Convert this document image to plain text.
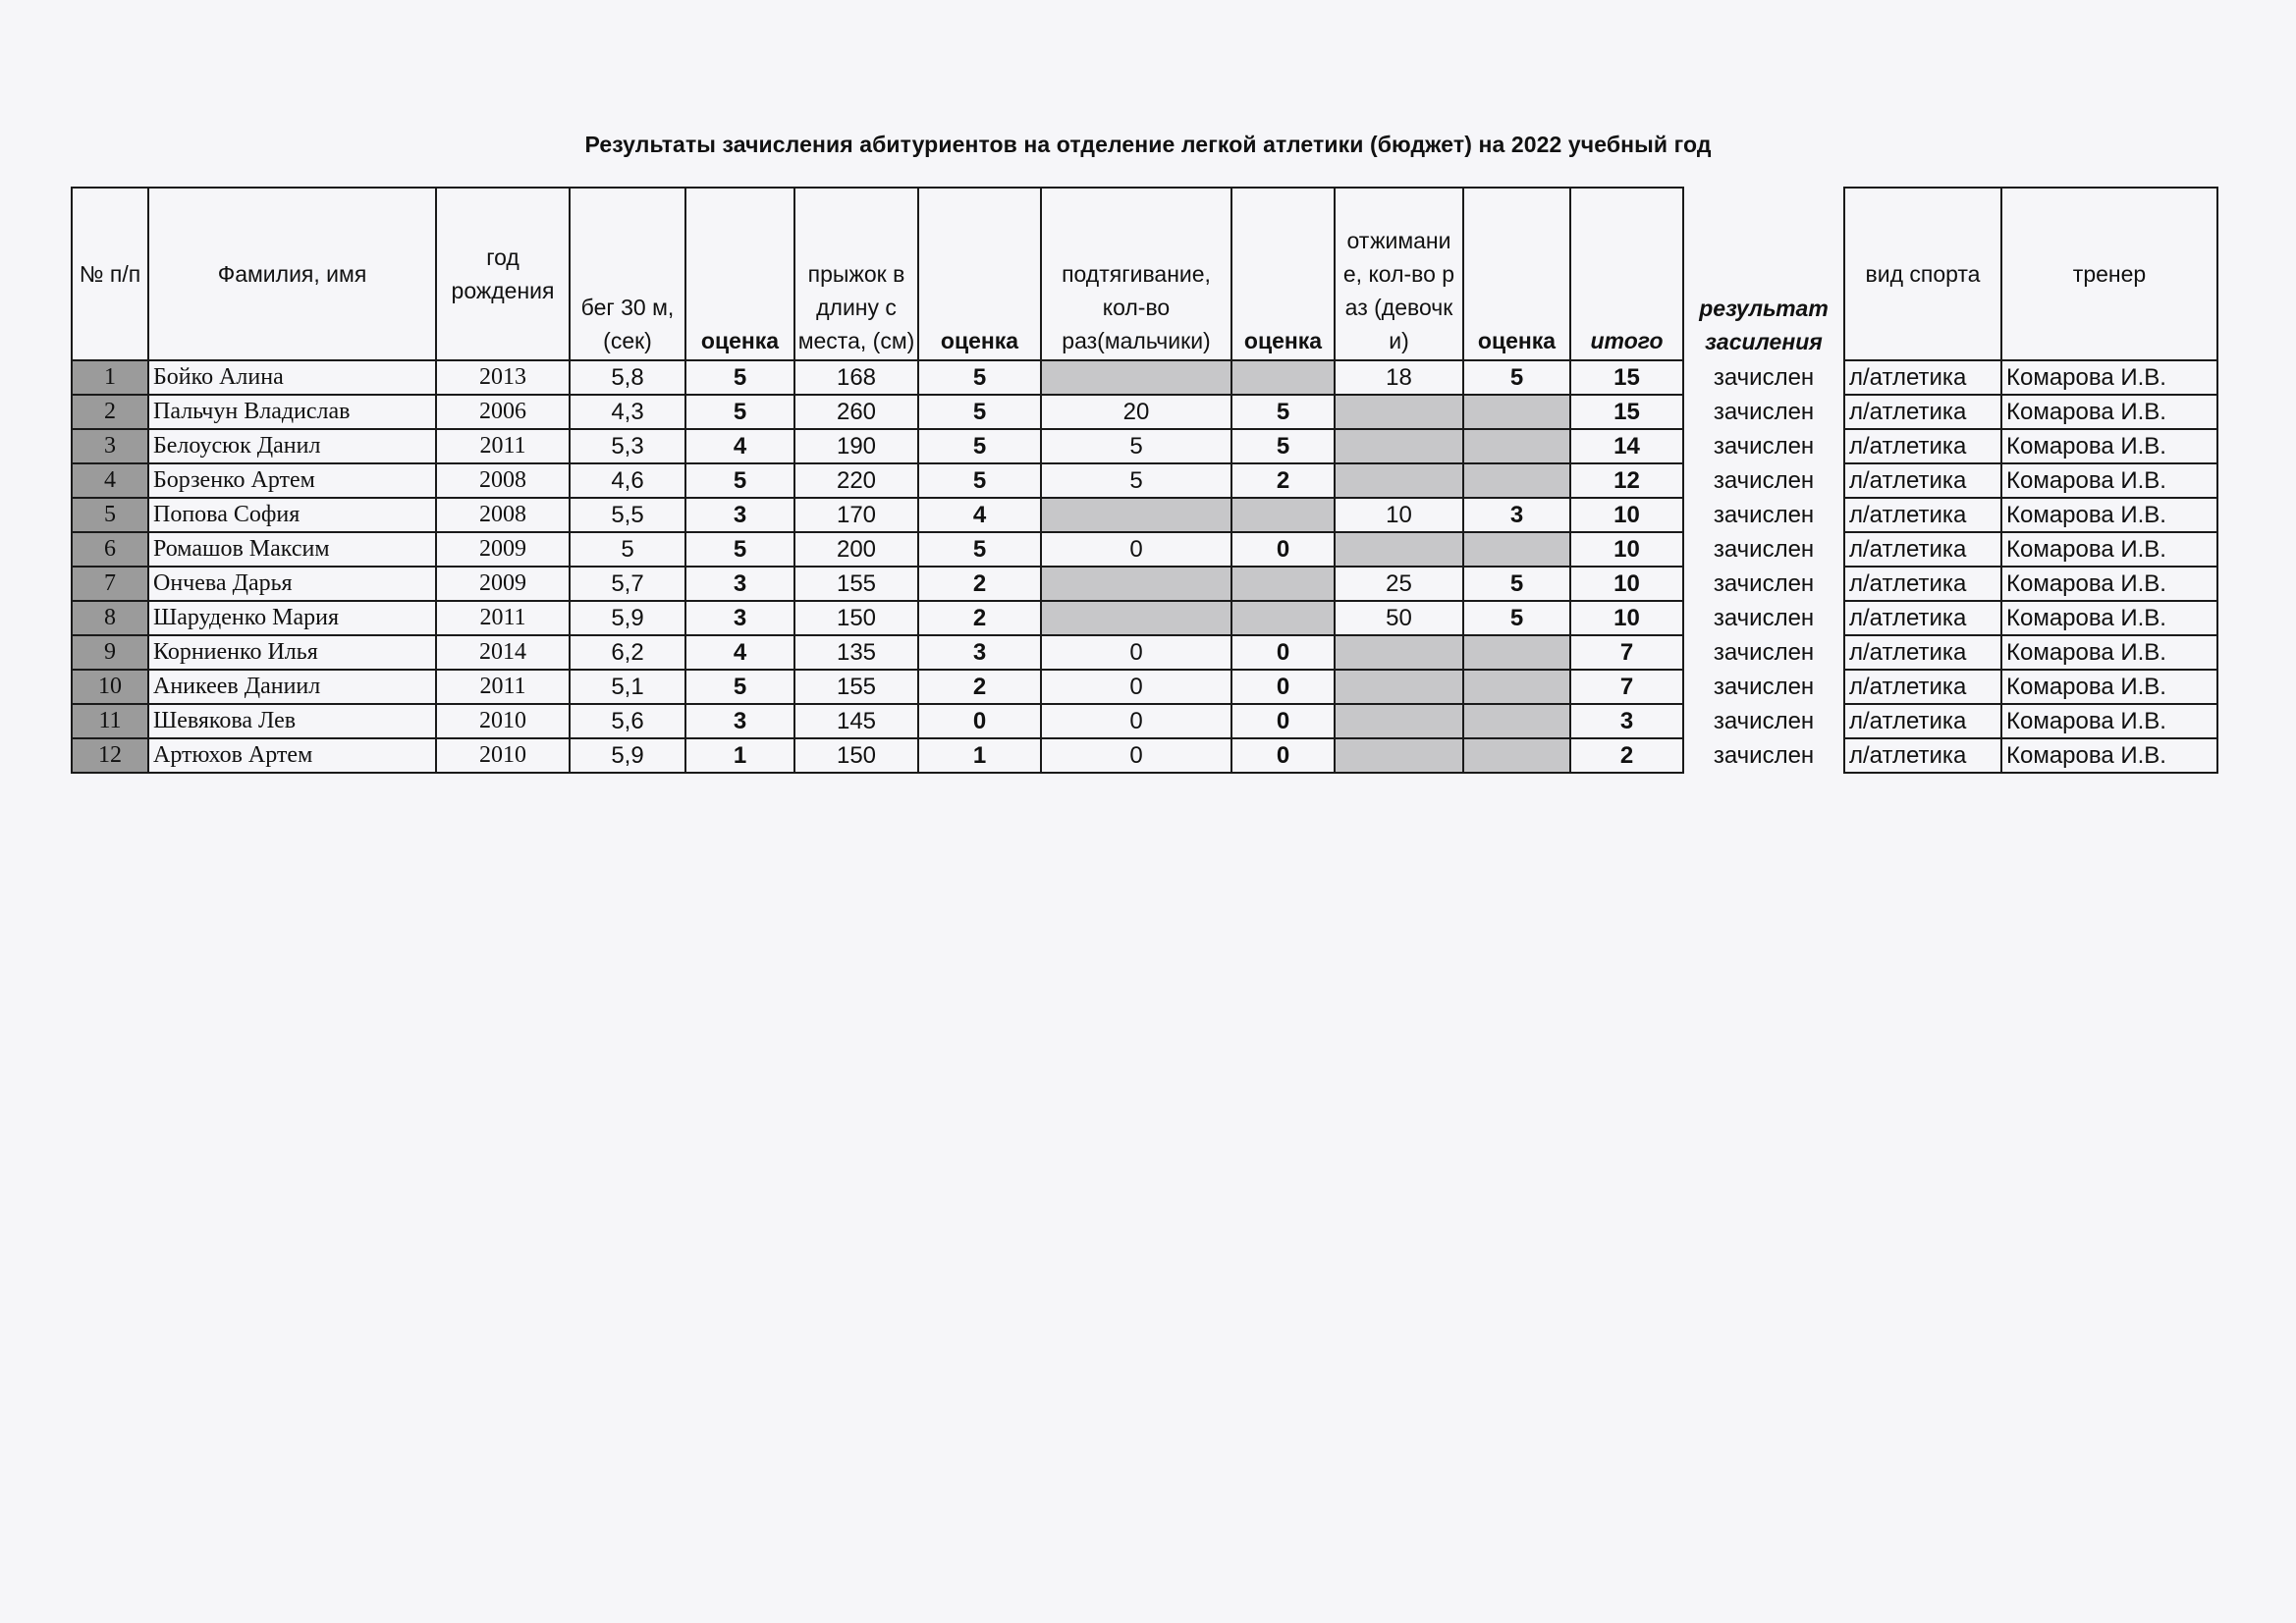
Результаты зачисления абитуриентов на отделение легкой атлетики (бюджет) на 2022 учебный год
№ п/п	Фамилия, имя	год рождения	бег 30 м, (сек)	оценка	прыжок в длину с места, (см)	оценка	подтягивание, кол-во раз(мальчики)	оценка	отжимание, кол-во раз (девочки)	оценка	итого	результат засиления	вид спорта	тренер
1	Бойко Алина	2013	5,8	5	168	5			18	5	15	зачислен	л/атлетика	Комарова И.В.
2	Пальчун Владислав	2006	4,3	5	260	5	20	5			15	зачислен	л/атлетика	Комарова И.В.
3	Белоусюк Данил	2011	5,3	4	190	5	5	5			14	зачислен	л/атлетика	Комарова И.В.
4	Борзенко Артем	2008	4,6	5	220	5	5	2			12	зачислен	л/атлетика	Комарова И.В.
5	Попова София	2008	5,5	3	170	4			10	3	10	зачислен	л/атлетика	Комарова И.В.
6	Ромашов Максим	2009	5	5	200	5	0	0			10	зачислен	л/атлетика	Комарова И.В.
7	Ончева Дарья	2009	5,7	3	155	2			25	5	10	зачислен	л/атлетика	Комарова И.В.
8	Шаруденко Мария	2011	5,9	3	150	2			50	5	10	зачислен	л/атлетика	Комарова И.В.
9	Корниенко Илья	2014	6,2	4	135	3	0	0			7	зачислен	л/атлетика	Комарова И.В.
10	Аникеев Даниил	2011	5,1	5	155	2	0	0			7	зачислен	л/атлетика	Комарова И.В.
11	Шевякова Лев	2010	5,6	3	145	0	0	0			3	зачислен	л/атлетика	Комарова И.В.
12	Артюхов Артем	2010	5,9	1	150	1	0	0			2	зачислен	л/атлетика	Комарова И.В.
